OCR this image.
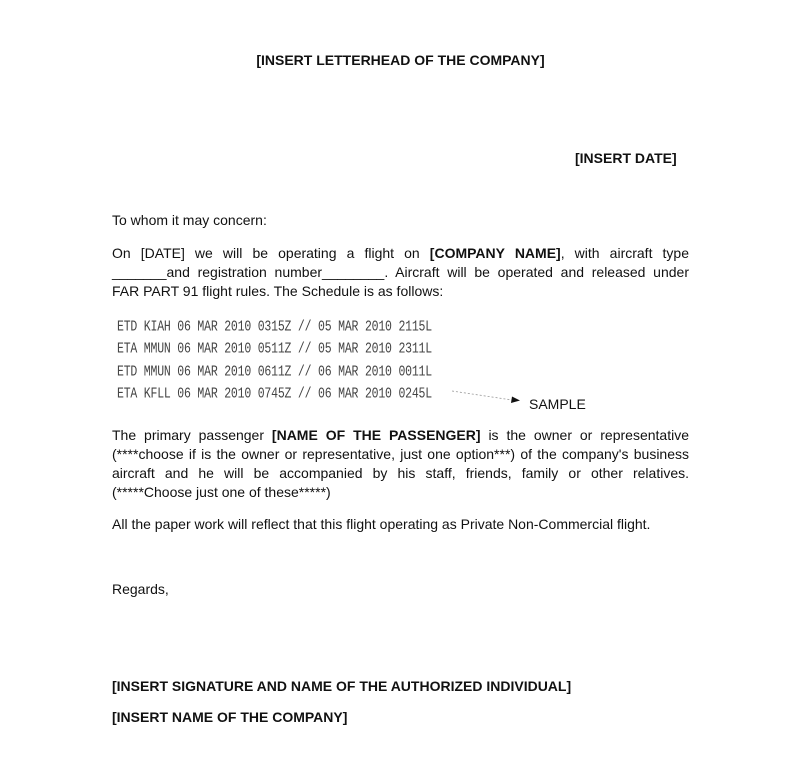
[INSERT LETTERHEAD OF THE COMPANY]
[INSERT DATE]
To whom it may concern:
On [DATE] we will be operating a flight on [COMPANY NAME], with aircraft type
_______and registration number________. Aircraft will be operated and released under
FAR PART 91 flight rules. The Schedule is as follows:
ETD KIAH 06 MAR 2010 0315Z // 05 MAR 2010 2115L
ETA MMUN 06 MAR 2010 0511Z // 05 MAR 2010 2311L
ETD MMUN 06 MAR 2010 0611Z // 06 MAR 2010 0011L
ETA KFLL 06 MAR 2010 0745Z // 06 MAR 2010 0245L
SAMPLE
The primary passenger [NAME OF THE PASSENGER] is the owner or representative
(****choose if is the owner or representative, just one option***) of the company's business
aircraft and he will be accompanied by his staff, friends, family or other relatives.
(*****Choose just one of these*****)
All the paper work will reflect that this flight operating as Private Non-Commercial flight.
Regards,
[INSERT SIGNATURE AND NAME OF THE AUTHORIZED INDIVIDUAL]
[INSERT NAME OF THE COMPANY]
